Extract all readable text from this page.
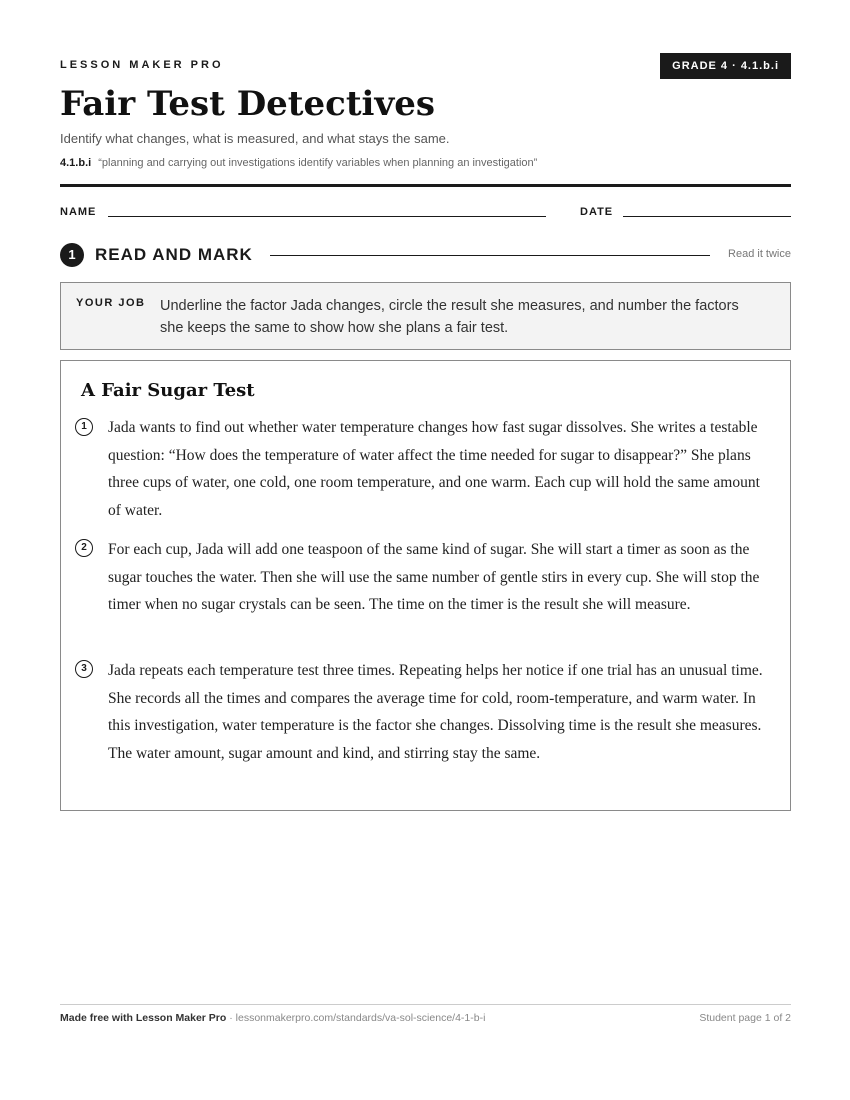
LESSON MAKER PRO	GRADE 4 · 4.1.b.i
Fair Test Detectives
Identify what changes, what is measured, and what stays the same.
4.1.b.i “planning and carrying out investigations identify variables when planning an investigation”
NAME	DATE
1	READ AND MARK	Read it twice
YOUR JOB Underline the factor Jada changes, circle the result she measures, and number the factors she keeps the same to show how she plans a fair test.
A Fair Sugar Test
1	Jada wants to find out whether water temperature changes how fast sugar dissolves. She writes a testable question: “How does the temperature of water affect the time needed for sugar to disappear?” She plans three cups of water, one cold, one room temperature, and one warm. Each cup will hold the same amount of water.
2	For each cup, Jada will add one teaspoon of the same kind of sugar. She will start a timer as soon as the sugar touches the water. Then she will use the same number of gentle stirs in every cup. She will stop the timer when no sugar crystals can be seen. The time on the timer is the result she will measure.
3	Jada repeats each temperature test three times. Repeating helps her notice if one trial has an unusual time. She records all the times and compares the average time for cold, room-temperature, and warm water. In this investigation, water temperature is the factor she changes. Dissolving time is the result she measures. The water amount, sugar amount and kind, and stirring stay the same.
Made free with Lesson Maker Pro · lessonmakerpro.com/standards/va-sol-science/4-1-b-i	Student page 1 of 2
